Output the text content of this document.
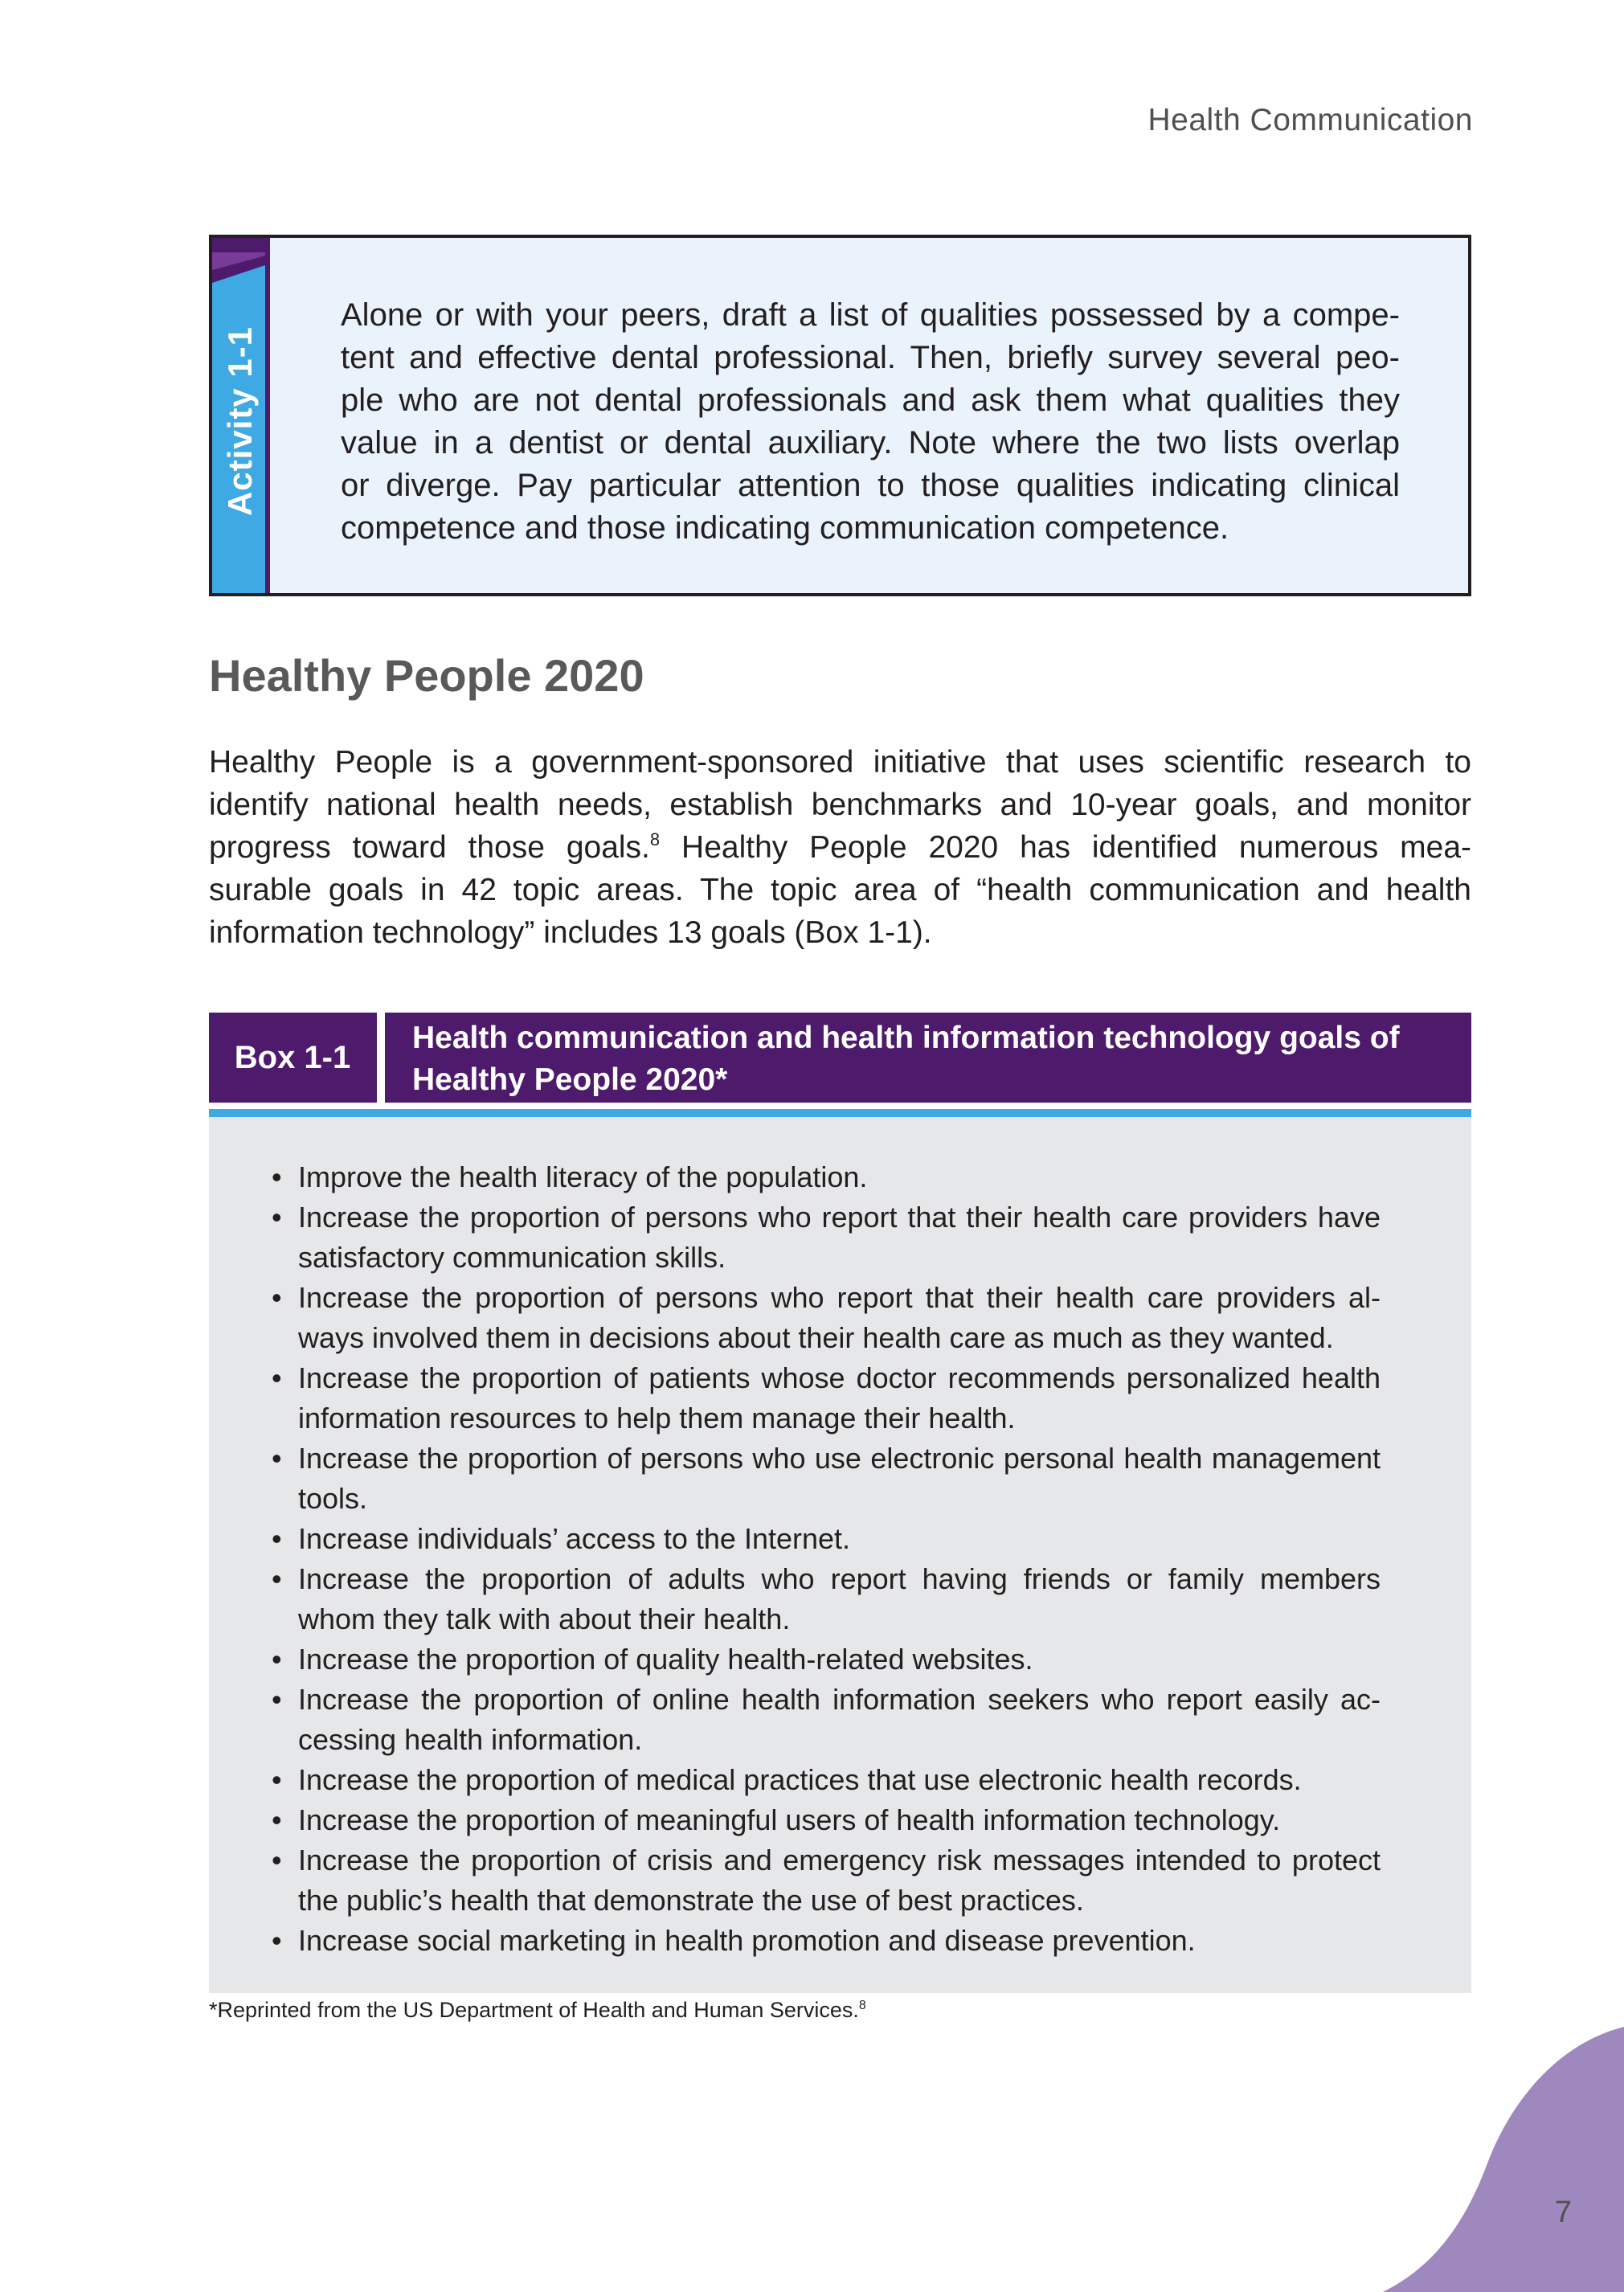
Health Communication
Activity 1-1
Alone or with your peers, draft a list of qualities possessed by a compe-
tent and effective dental professional. Then, briefly survey several peo-
ple who are not dental professionals and ask them what qualities they
value in a dentist or dental auxiliary. Note where the two lists overlap
or diverge. Pay particular attention to those qualities indicating clinical
competence and those indicating communication competence.
Healthy People 2020
Healthy People is a government-sponsored initiative that uses scientific research to
identify national health needs, establish benchmarks and 10-year goals, and monitor
progress toward those goals.$^8$ Healthy People 2020 has identified numerous mea-
surable goals in 42 topic areas. The topic area of “health communication and health
information technology” includes 13 goals (Box 1-1).
Box 1-1
Health communication and health information technology goals of
Healthy People 2020*
• Improve the health literacy of the population.
• Increase the proportion of persons who report that their health care providers have
satisfactory communication skills.
• Increase the proportion of persons who report that their health care providers al-
ways involved them in decisions about their health care as much as they wanted.
• Increase the proportion of patients whose doctor recommends personalized health
information resources to help them manage their health.
• Increase the proportion of persons who use electronic personal health management
tools.
• Increase individuals’ access to the Internet.
• Increase the proportion of adults who report having friends or family members
whom they talk with about their health.
• Increase the proportion of quality health-related websites.
• Increase the proportion of online health information seekers who report easily ac-
cessing health information.
• Increase the proportion of medical practices that use electronic health records.
• Increase the proportion of meaningful users of health information technology.
• Increase the proportion of crisis and emergency risk messages intended to protect
the public’s health that demonstrate the use of best practices.
• Increase social marketing in health promotion and disease prevention.
*Reprinted from the US Department of Health and Human Services.$^8$
7
